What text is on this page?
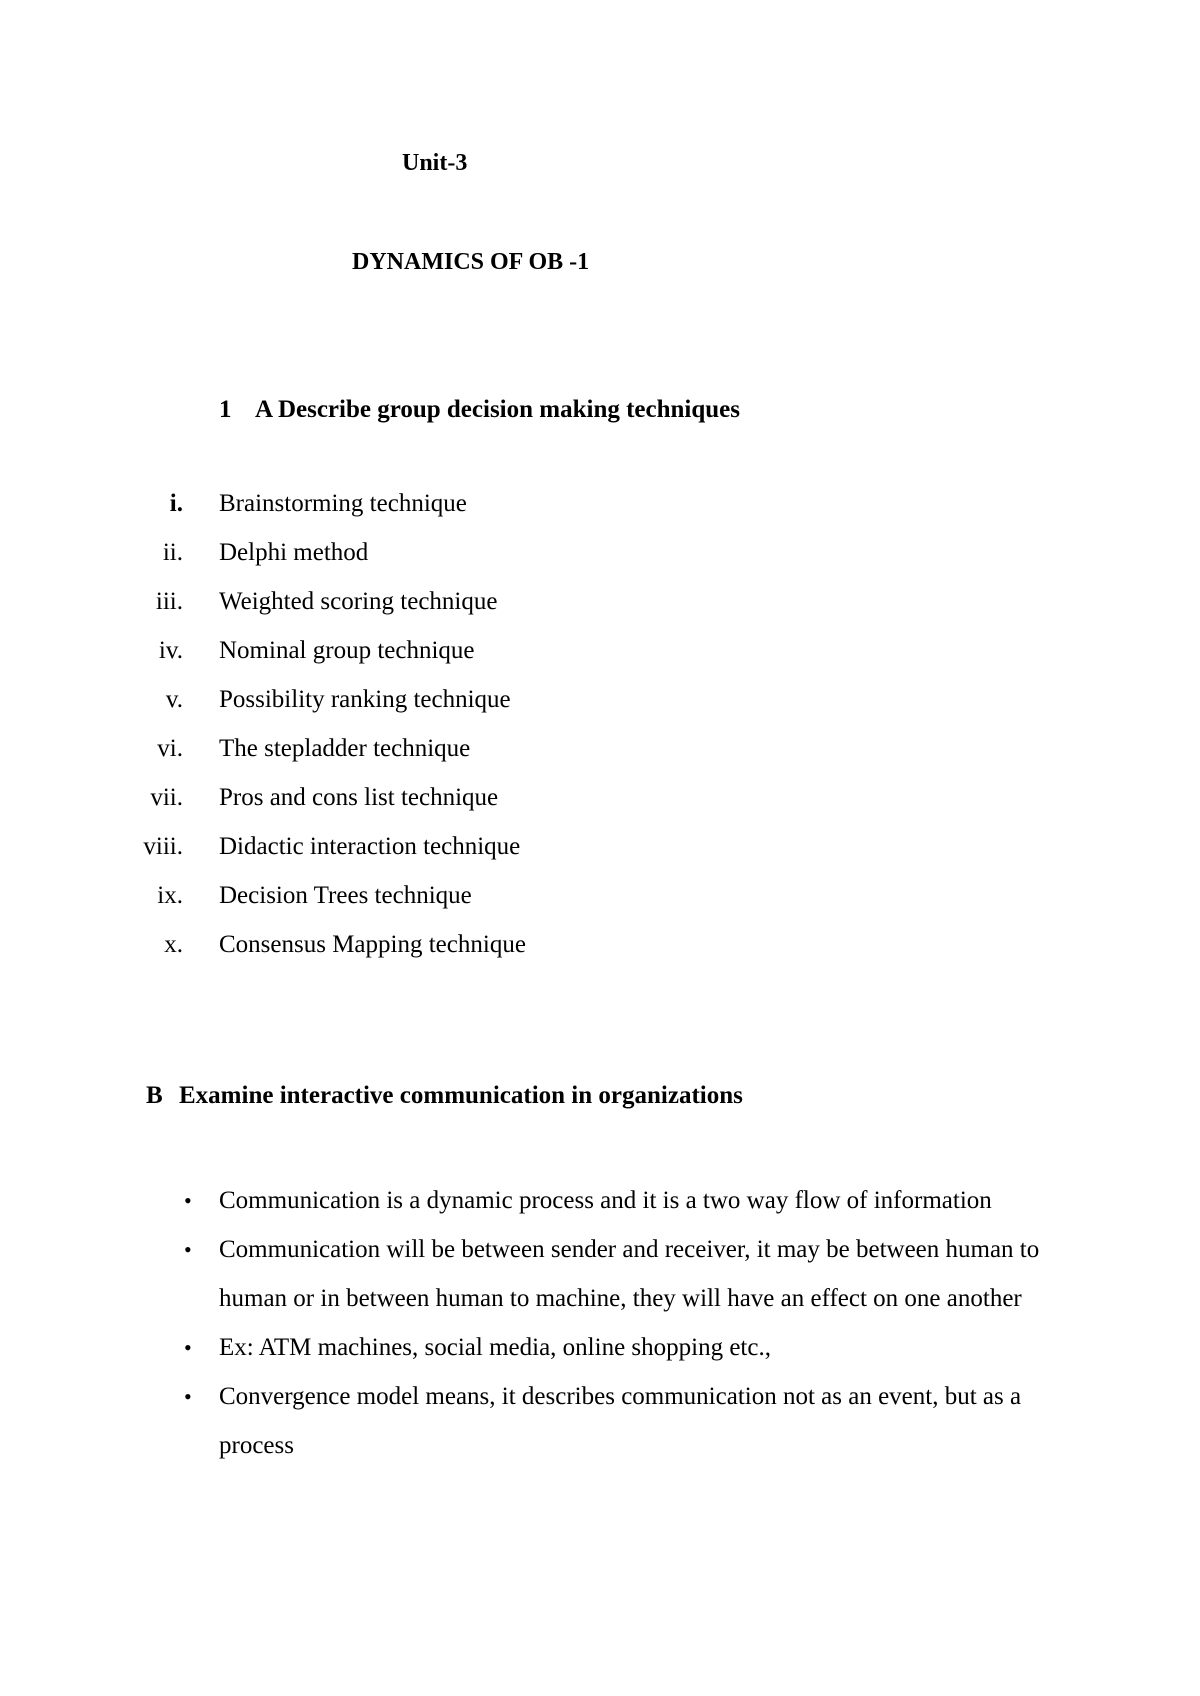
Unit-3
DYNAMICS OF OB -1
1 A Describe group decision making techniques
i. Brainstorming technique
ii. Delphi method
iii. Weighted scoring technique
iv. Nominal group technique
v. Possibility ranking technique
vi. The stepladder technique
vii. Pros and cons list technique
viii. Didactic interaction technique
ix. Decision Trees technique
x. Consensus Mapping technique
B Examine interactive communication in organizations
• Communication is a dynamic process and it is a two way flow of information
• Communication will be between sender and receiver, it may be between human to human or in between human to machine, they will have an effect on one another
• Ex: ATM machines, social media, online shopping etc.,
• Convergence model means, it describes communication not as an event, but as a process
